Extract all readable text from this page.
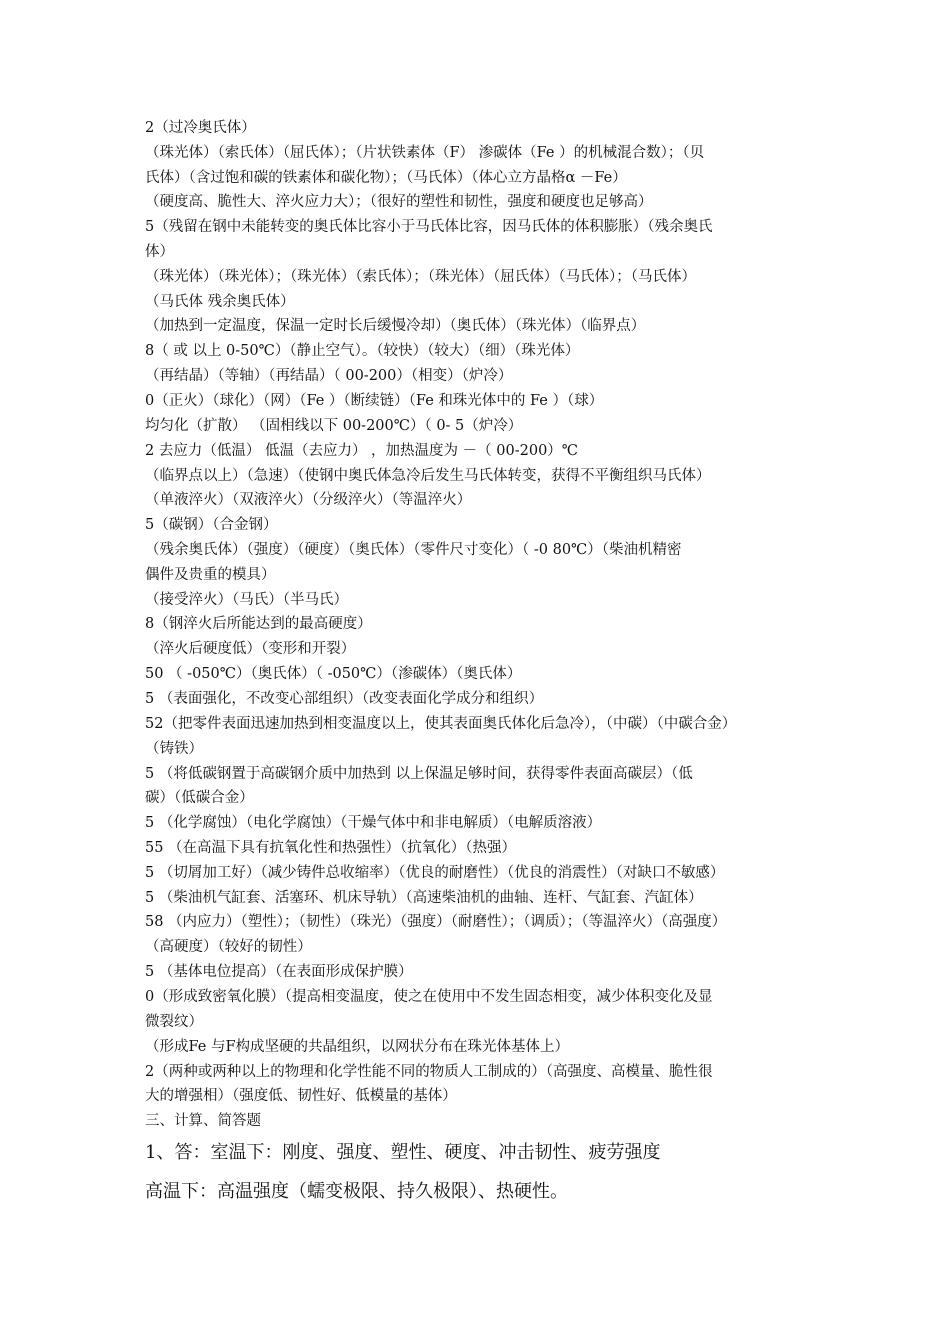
2（过冷奥氏体）
（珠光体）（索氏体）（屈氏体）；（片状铁素体（F） 渗碳体（Fe ）的机械混合数）；（贝
氏体）（含过饱和碳的铁素体和碳化物）；（马氏体）（体心立方晶格α －Fe）
（硬度高、脆性大、淬火应力大）；（很好的塑性和韧性，强度和硬度也足够高）
5（残留在钢中未能转变的奥氏体比容小于马氏体比容，因马氏体的体积膨胀）（残余奥氏
体）
（珠光体）（珠光体）；（珠光体）（索氏体）；（珠光体）（屈氏体）（马氏体）；（马氏体）
（马氏体 残余奥氏体）
（加热到一定温度，保温一定时长后缓慢冷却）（奥氏体）（珠光体）（临界点）
8（ 或 以上 0-50℃）（静止空气）。（较快）（较大）（细）（珠光体）
（再结晶）（等轴）（再结晶）（ 00-200）（相变）（炉冷）
0（正火）（球化）（网）（Fe ）（断续链）（Fe 和珠光体中的 Fe ）（球）
均匀化（扩散） （固相线以下 00-200℃）（ 0- 5（炉冷）
2 去应力（低温） 低温（去应力） ，加热温度为 －（ 00-200）℃
（临界点以上）（急速）（使钢中奥氏体急冷后发生马氏体转变，获得不平衡组织马氏体）
（单液淬火）（双液淬火）（分级淬火）（等温淬火）
5（碳钢）（合金钢）
（残余奥氏体）（强度）（硬度）（奥氏体）（零件尺寸变化）（ -0 80℃）（柴油机精密
偶件及贵重的模具）
（接受淬火）（马氏）（半马氏）
8（钢淬火后所能达到的最高硬度）
（淬火后硬度低）（变形和开裂）
50 （ -050℃）（奥氏体）（ -050℃）（渗碳体）（奥氏体）
5 （表面强化，不改变心部组织）（改变表面化学成分和组织）
52（把零件表面迅速加热到相变温度以上，使其表面奥氏体化后急冷），（中碳）（中碳合金）
（铸铁）
5 （将低碳钢置于高碳钢介质中加热到 以上保温足够时间，获得零件表面高碳层）（低
碳）（低碳合金）
5 （化学腐蚀）（电化学腐蚀）（干燥气体中和非电解质）（电解质溶液）
55 （在高温下具有抗氧化性和热强性）（抗氧化）（热强）
5 （切屑加工好）（减少铸件总收缩率）（优良的耐磨性）（优良的消震性）（对缺口不敏感）
5 （柴油机气缸套、活塞环、机床导轨）（高速柴油机的曲轴、连杆、气缸套、汽缸体）
58 （内应力）（塑性）；（韧性）（珠光）（强度）（耐磨性）；（调质）；（等温淬火）（高强度）
（高硬度）（较好的韧性）
5 （基体电位提高）（在表面形成保护膜）
0（形成致密氧化膜）（提高相变温度，使之在使用中不发生固态相变，减少体积变化及显
微裂纹）
（形成Fe 与F构成坚硬的共晶组织，以网状分布在珠光体基体上）
2（两种或两种以上的物理和化学性能不同的物质人工制成的）（高强度、高模量、脆性很
大的增强相）（强度低、韧性好、低模量的基体）
三、计算、简答题
1、答：室温下：刚度、强度、塑性、硬度、冲击韧性、疲劳强度
高温下：高温强度（蠕变极限、持久极限）、热硬性。
